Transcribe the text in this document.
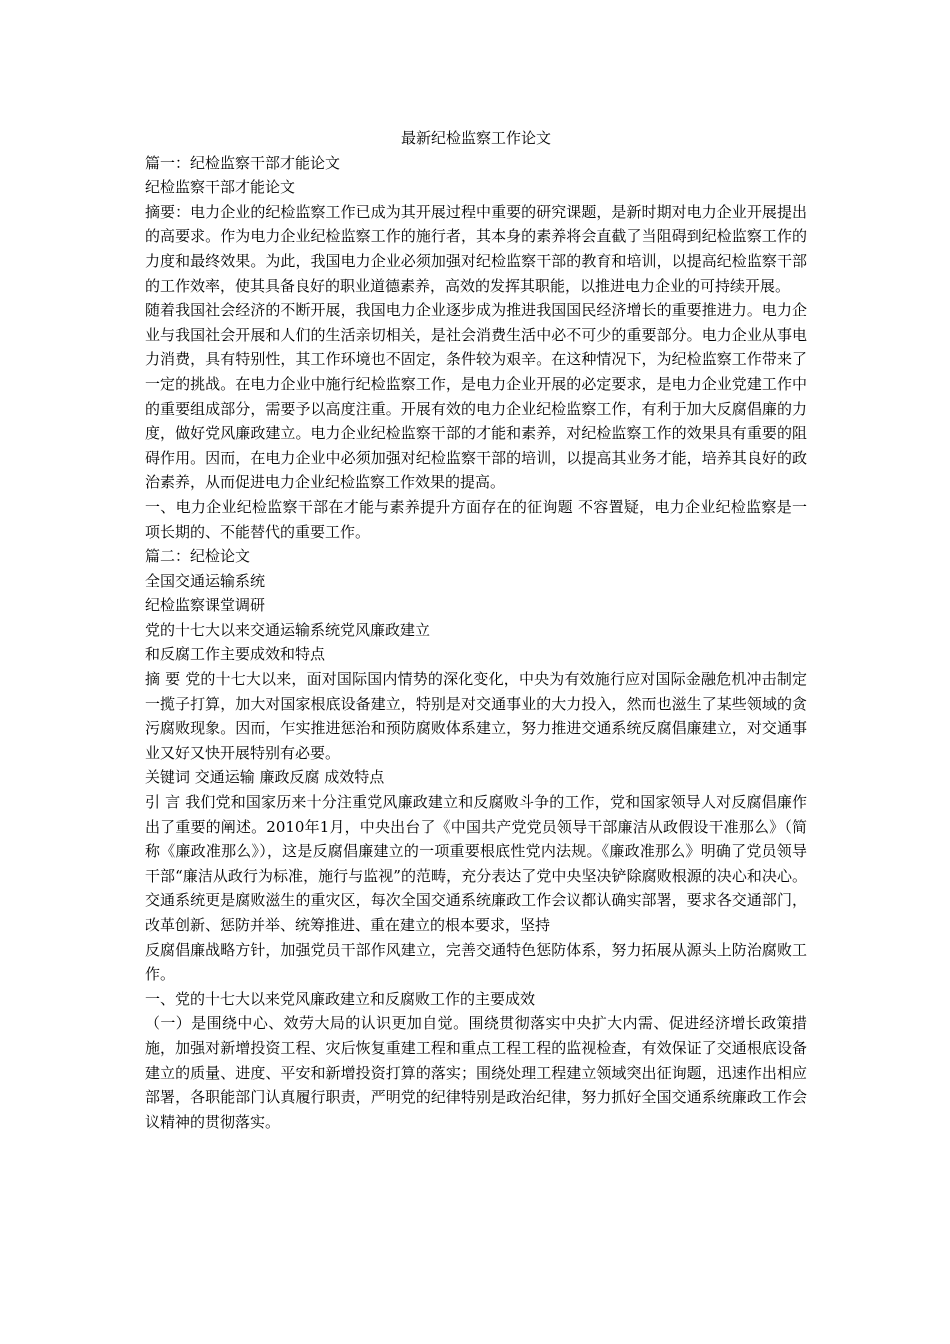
最新纪检监察工作论文

篇一：纪检监察干部才能论文

纪检监察干部才能论文

摘要：电力企业的纪检监察工作已成为其开展过程中重要的研究课题，是新时期对电力企业开展提出的高要求。作为电力企业纪检监察工作的施行者，其本身的素养将会直截了当阻碍到纪检监察工作的力度和最终效果。为此，我国电力企业必须加强对纪检监察干部的教育和培训，以提高纪检监察干部的工作效率，使其具备良好的职业道德素养，高效的发挥其职能，以推进电力企业的可持续开展。

随着我国社会经济的不断开展，我国电力企业逐步成为推进我国国民经济增长的重要推进力。电力企业与我国社会开展和人们的生活亲切相关，是社会消费生活中必不可少的重要部分。电力企业从事电力消费，具有特别性，其工作环境也不固定，条件较为艰辛。在这种情况下，为纪检监察工作带来了一定的挑战。在电力企业中施行纪检监察工作，是电力企业开展的必定要求，是电力企业党建工作中的重要组成部分，需要予以高度注重。开展有效的电力企业纪检监察工作，有利于加大反腐倡廉的力度，做好党风廉政建立。电力企业纪检监察干部的才能和素养，对纪检监察工作的效果具有重要的阻碍作用。因而，在电力企业中必须加强对纪检监察干部的培训，以提高其业务才能，培养其良好的政治素养，从而促进电力企业纪检监察工作效果的提高。

一、电力企业纪检监察干部在才能与素养提升方面存在的征询题 不容置疑，电力企业纪检监察是一项长期的、不能替代的重要工作。

篇二：纪检论文

全国交通运输系统

纪检监察课堂调研

党的十七大以来交通运输系统党风廉政建立

和反腐工作主要成效和特点

摘 要 党的十七大以来，面对国际国内情势的深化变化，中央为有效施行应对国际金融危机冲击制定一揽子打算，加大对国家根底设备建立，特别是对交通事业的大力投入，然而也滋生了某些领域的贪污腐败现象。因而，乍实推进惩治和预防腐败体系建立，努力推进交通系统反腐倡廉建立，对交通事业又好又快开展特别有必要。

关键词 交通运输 廉政反腐 成效特点

引 言 我们党和国家历来十分注重党风廉政建立和反腐败斗争的工作，党和国家领导人对反腐倡廉作出了重要的阐述。2010年1月，中央出台了《中国共产党党员领导干部廉洁从政假设干准那么》（简称《廉政准那么》），这是反腐倡廉建立的一项重要根底性党内法规。《廉政准那么》明确了党员领导干部“廉洁从政行为标准，施行与监视”的范畴，充分表达了党中央坚决铲除腐败根源的决心和决心。交通系统更是腐败滋生的重灾区，每次全国交通系统廉政工作会议都认确实部署，要求各交通部门，改革创新、惩防并举、统筹推进、重在建立的根本要求，坚持

反腐倡廉战略方针，加强党员干部作风建立，完善交通特色惩防体系，努力拓展从源头上防治腐败工作。

一、党的十七大以来党风廉政建立和反腐败工作的主要成效

（一）是围绕中心、效劳大局的认识更加自觉。围绕贯彻落实中央扩大内需、促进经济增长政策措施，加强对新增投资工程、灾后恢复重建工程和重点工程工程的监视检查，有效保证了交通根底设备建立的质量、进度、平安和新增投资打算的落实；围绕处理工程建立领域突出征询题，迅速作出相应部署，各职能部门认真履行职责，严明党的纪律特别是政治纪律，努力抓好全国交通系统廉政工作会议精神的贯彻落实。
